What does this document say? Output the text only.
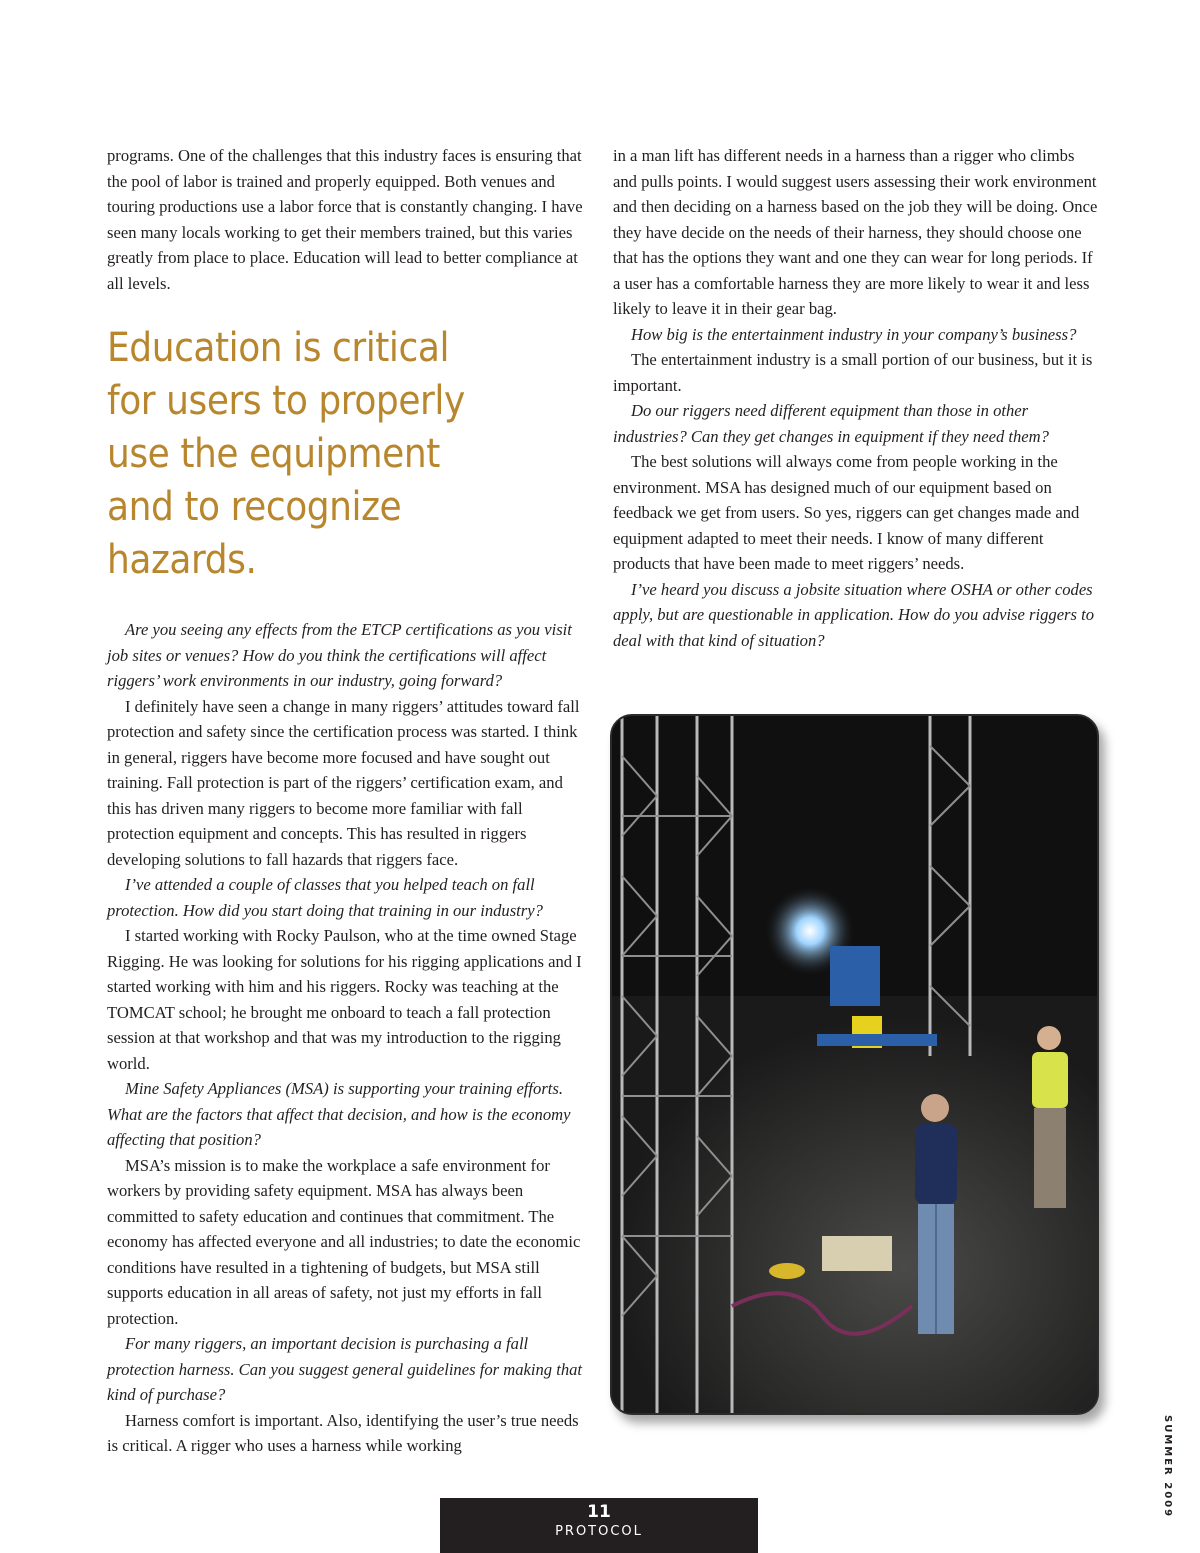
programs. One of the challenges that this industry faces is ensuring that the pool of labor is trained and properly equipped. Both venues and touring productions use a labor force that is constantly changing. I have seen many locals working to get their members trained, but this varies greatly from place to place. Education will lead to better compliance at all levels.

Education is critical for users to properly use the equipment and to recognize hazards.

Are you seeing any effects from the ETCP certifications as you visit job sites or venues? How do you think the certifications will affect riggers’ work environments in our industry, going forward?

I definitely have seen a change in many riggers’ attitudes toward fall protection and safety since the certification process was started. I think in general, riggers have become more focused and have sought out training. Fall protection is part of the riggers’ certification exam, and this has driven many riggers to become more familiar with fall protection equipment and concepts. This has resulted in riggers developing solutions to fall hazards that riggers face.

I’ve attended a couple of classes that you helped teach on fall protection. How did you start doing that training in our industry?

I started working with Rocky Paulson, who at the time owned Stage Rigging. He was looking for solutions for his rigging applications and I started working with him and his riggers. Rocky was teaching at the TOMCAT school; he brought me onboard to teach a fall protection session at that workshop and that was my introduction to the rigging world.

Mine Safety Appliances (MSA) is supporting your training efforts. What are the factors that affect that decision, and how is the economy affecting that position?

MSA’s mission is to make the workplace a safe environment for workers by providing safety equipment. MSA has always been committed to safety education and continues that commitment. The economy has affected everyone and all industries; to date the economic conditions have resulted in a tightening of budgets, but MSA still supports education in all areas of safety, not just my efforts in fall protection.

For many riggers, an important decision is purchasing a fall protection harness. Can you suggest general guidelines for making that kind of purchase?

Harness comfort is important. Also, identifying the user’s true needs is critical. A rigger who uses a harness while working

in a man lift has different needs in a harness than a rigger who climbs and pulls points. I would suggest users assessing their work environment and then deciding on a harness based on the job they will be doing. Once they have decide on the needs of their harness, they should choose one that has the options they want and one they can wear for long periods. If a user has a comfortable harness they are more likely to wear it and less likely to leave it in their gear bag.

How big is the entertainment industry in your company’s business?

The entertainment industry is a small portion of our business, but it is important.

Do our riggers need different equipment than those in other industries? Can they get changes in equipment if they need them?

The best solutions will always come from people working in the environment. MSA has designed much of our equipment based on feedback we get from users. So yes, riggers can get changes made and equipment adapted to meet their needs. I know of many different products that have been made to meet riggers’ needs.

I’ve heard you discuss a jobsite situation where OSHA or other codes apply, but are questionable in application. How do you advise riggers to deal with that kind of situation?

11
PROTOCOL
SUMMER 2009
